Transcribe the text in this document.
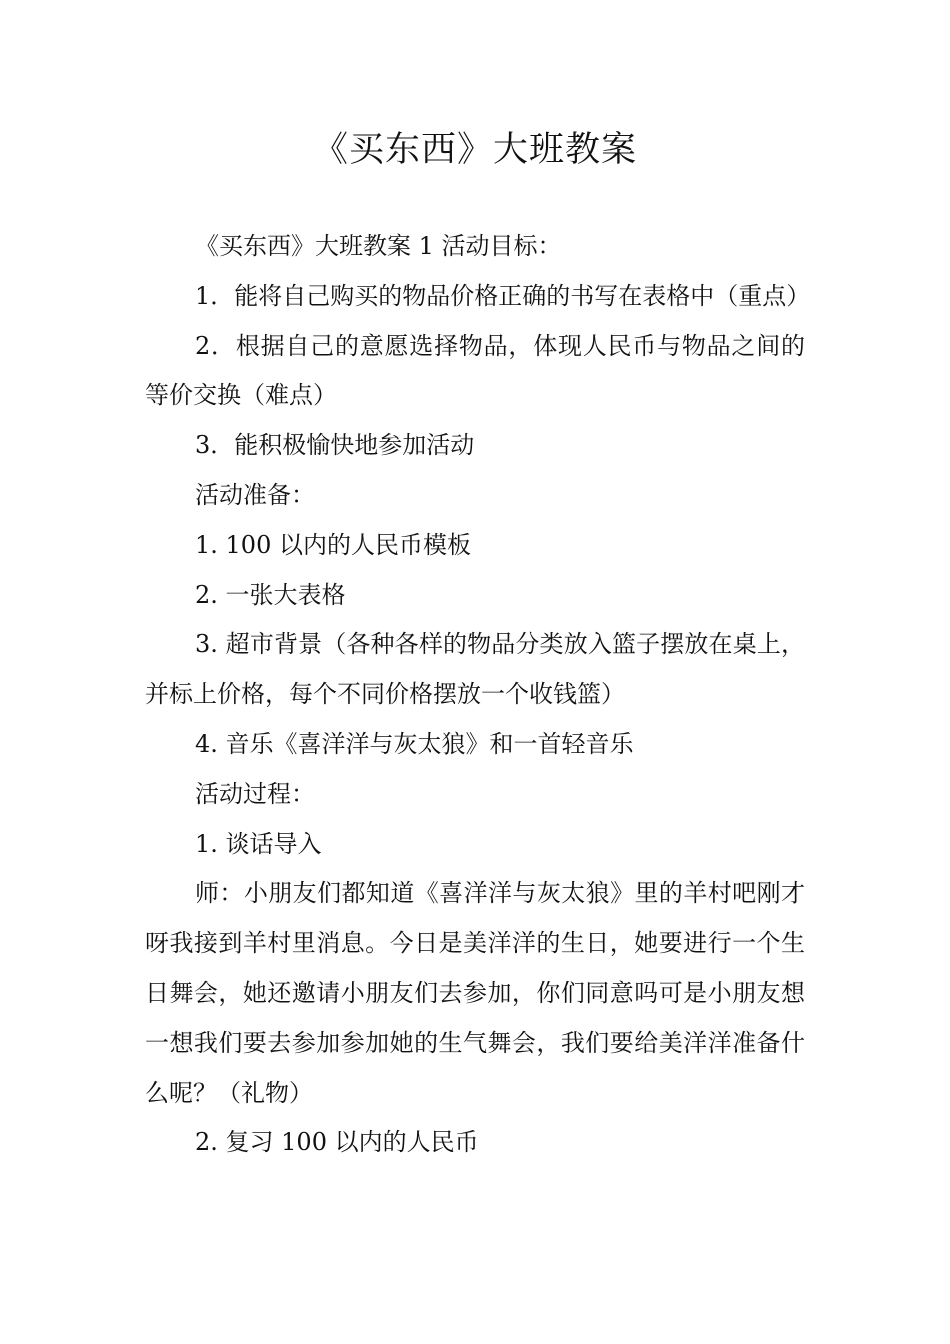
《买东西》大班教案

《买东西》大班教案 1 活动目标：

1．能将自己购买的物品价格正确的书写在表格中（重点）

2．根据自己的意愿选择物品，体现人民币与物品之间的等价交换（难点）

3．能积极愉快地参加活动

活动准备：

1. 100 以内的人民币模板

2. 一张大表格

3. 超市背景（各种各样的物品分类放入篮子摆放在桌上，并标上价格，每个不同价格摆放一个收钱篮）

4. 音乐《喜洋洋与灰太狼》和一首轻音乐

活动过程：

1. 谈话导入

师：小朋友们都知道《喜洋洋与灰太狼》里的羊村吧刚才呀我接到羊村里消息。今日是美洋洋的生日，她要进行一个生日舞会，她还邀请小朋友们去参加，你们同意吗可是小朋友想一想我们要去参加参加她的生气舞会，我们要给美洋洋准备什么呢？（礼物）

2. 复习 100 以内的人民币
